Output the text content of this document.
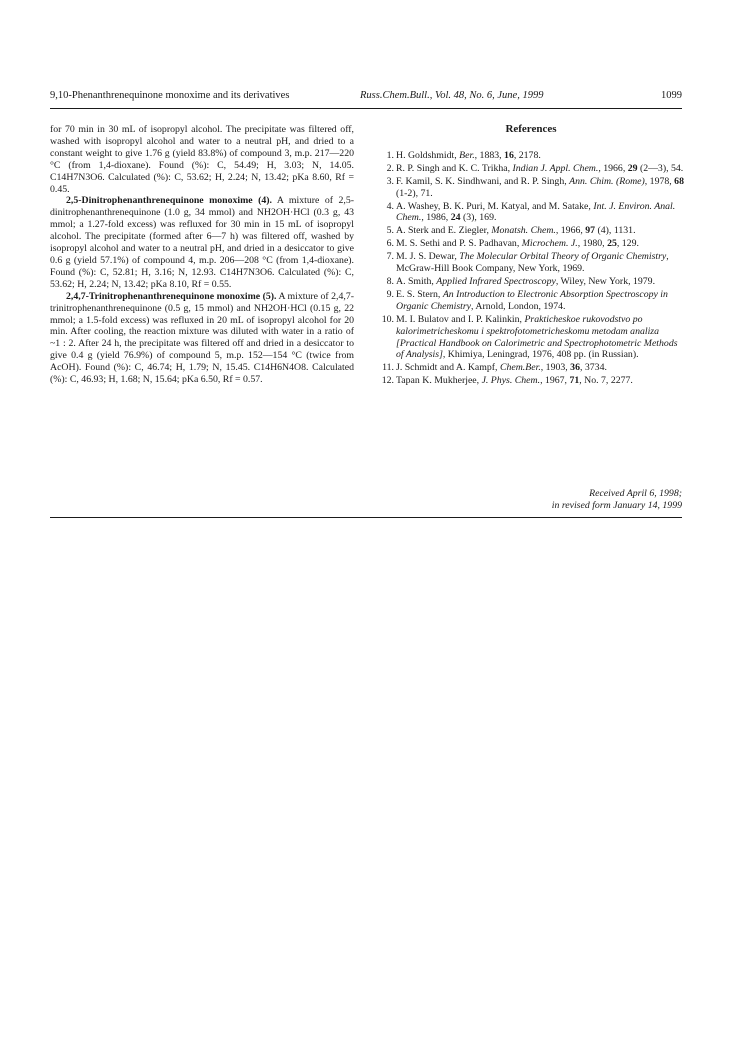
9,10-Phenanthrenequinone monoxime and its derivatives	Russ.Chem.Bull., Vol. 48, No. 6, June, 1999	1099

for 70 min in 30 mL of isopropyl alcohol. The precipitate was filtered off, washed with isopropyl alcohol and water to a neutral pH, and dried to a constant weight to give 1.76 g (yield 83.8%) of compound 3, m.p. 217—220 °C (from 1,4-dioxane). Found (%): C, 54.49; H, 3.03; N, 14.05. C14H7N3O6. Calculated (%): C, 53.62; H, 2.24; N, 13.42; pKa 8.60, Rf = 0.45.

2,5-Dinitrophenanthrenequinone monoxime (4). A mixture of 2,5-dinitrophenanthrenequinone (1.0 g, 34 mmol) and NH2OH·HCl (0.3 g, 43 mmol; a 1.27-fold excess) was refluxed for 30 min in 15 mL of isopropyl alcohol. The precipitate (formed after 6—7 h) was filtered off, washed by isopropyl alcohol and water to a neutral pH, and dried in a desiccator to give 0.6 g (yield 57.1%) of compound 4, m.p. 206—208 °C (from 1,4-dioxane). Found (%): C, 52.81; H, 3.16; N, 12.93. C14H7N3O6. Calculated (%): C, 53.62; H, 2.24; N, 13.42; pKa 8.10, Rf = 0.55.

2,4,7-Trinitrophenanthrenequinone monoxime (5). A mixture of 2,4,7-trinitrophenanthrenequinone (0.5 g, 15 mmol) and NH2OH·HCl (0.15 g, 22 mmol; a 1.5-fold excess) was refluxed in 20 mL of isopropyl alcohol for 20 min. After cooling, the reaction mixture was diluted with water in a ratio of ~1 : 2. After 24 h, the precipitate was filtered off and dried in a desiccator to give 0.4 g (yield 76.9%) of compound 5, m.p. 152—154 °C (twice from AcOH). Found (%): C, 46.74; H, 1.79; N, 15.45. C14H6N4O8. Calculated (%): C, 46.93; H, 1.68; N, 15.64; pKa 6.50, Rf = 0.57.

References
1. H. Goldshmidt, Ber., 1883, 16, 2178.
2. R. P. Singh and K. C. Trikha, Indian J. Appl. Chem., 1966, 29 (2—3), 54.
3. F. Kamil, S. K. Sindhwani, and R. P. Singh, Ann. Chim. (Rome), 1978, 68 (1-2), 71.
4. A. Washey, B. K. Puri, M. Katyal, and M. Satake, Int. J. Environ. Anal. Chem., 1986, 24 (3), 169.
5. A. Sterk and E. Ziegler, Monatsh. Chem., 1966, 97 (4), 1131.
6. M. S. Sethi and P. S. Padhavan, Microchem. J., 1980, 25, 129.
7. M. J. S. Dewar, The Molecular Orbital Theory of Organic Chemistry, McGraw-Hill Book Company, New York, 1969.
8. A. Smith, Applied Infrared Spectroscopy, Wiley, New York, 1979.
9. E. S. Stern, An Introduction to Electronic Absorption Spectroscopy in Organic Chemistry, Arnold, London, 1974.
10. M. I. Bulatov and I. P. Kalinkin, Prakticheskoe rukovodstvo po kalorimetricheskomu i spektrofotometricheskomu metodam analiza [Practical Handbook on Calorimetric and Spectrophotometric Methods of Analysis], Khimiya, Leningrad, 1976, 408 pp. (in Russian).
11. J. Schmidt and A. Kampf, Chem.Ber., 1903, 36, 3734.
12. Tapan K. Mukherjee, J. Phys. Chem., 1967, 71, No. 7, 2277.
Received April 6, 1998;
in revised form January 14, 1999
